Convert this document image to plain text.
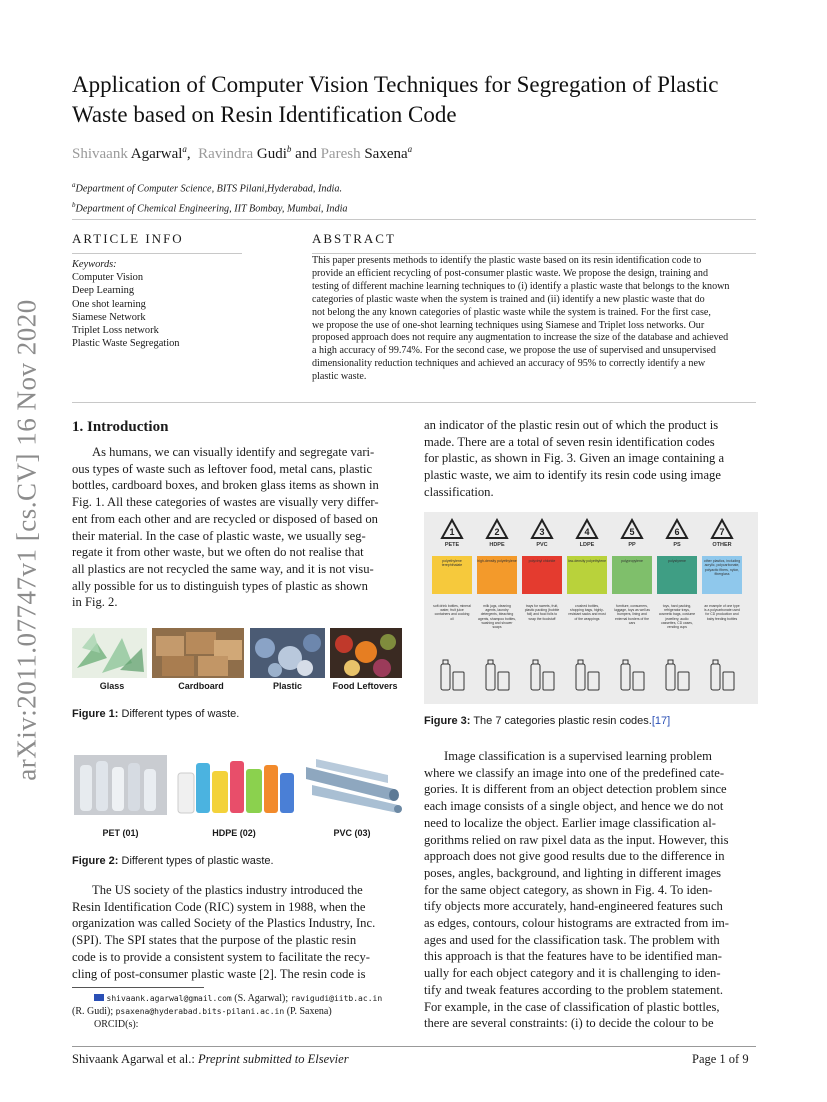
arXiv:2011.07747v1 [cs.CV] 16 Nov 2020
Application of Computer Vision Techniques for Segregation of Plastic
Waste based on Resin Identification Code
Shivaank Agarwal$^a$,  Ravindra Gudi$^b$ and Paresh Saxena$^a$
$^a$Department of Computer Science, BITS Pilani,Hyderabad, India.
$^b$Department of Chemical Engineering, IIT Bombay, Mumbai, India
ARTICLE INFO
Keywords:
Computer Vision
Deep Learning
One shot learning
Siamese Network
Triplet Loss network
Plastic Waste Segregation
ABSTRACT
This paper presents methods to identify the plastic waste based on its resin identification code to
provide an efficient recycling of post-consumer plastic waste. We propose the design, training and
testing of different machine learning techniques to (i) identify a plastic waste that belongs to the known
categories of plastic waste when the system is trained and (ii) identify a new plastic waste that do
not belong the any known categories of plastic waste while the system is trained. For the first case,
we propose the use of one-shot learning techniques using Siamese and Triplet loss networks. Our
proposed approach does not require any augmentation to increase the size of the database and achieved
a high accuracy of 99.74%. For the second case, we propose the use of supervised and unsupervised
dimensionality reduction techniques and achieved an accuracy of 95% to correctly identify a new
plastic waste.
1. Introduction
As humans, we can visually identify and segregate vari-
ous types of waste such as leftover food, metal cans, plastic
bottles, cardboard boxes, and broken glass items as shown in
Fig. 1. All these categories of wastes are visually very differ-
ent from each other and are recycled or disposed of based on
their material. In the case of plastic waste, we usually seg-
regate it from other waste, but we often do not realise that
all plastics are not recycled the same way, and it is not visu-
ally possible for us to distinguish types of plastic as shown
in Fig. 2.
Glass	Cardboard	Plastic	Food Leftovers
Figure 1: Different types of waste.
PET (01)	HDPE (02)	PVC (03)
Figure 2: Different types of plastic waste.
The US society of the plastics industry introduced the
Resin Identification Code (RIC) system in 1988, when the
organization was called Society of the Plastics Industry, Inc.
(SPI). The SPI states that the purpose of the plastic resin
code is to provide a consistent system to facilitate the recy-
cling of post-consumer plastic waste [2]. The resin code is
shivaank.agarwal@gmail.com (S. Agarwal); ravigudi@iitb.ac.in
(R. Gudi); psaxena@hyderabad.bits-pilani.ac.in (P. Saxena)
ORCID(s):
an indicator of the plastic resin out of which the product is
made. There are a total of seven resin identification codes
for plastic, as shown in Fig. 3. Given an image containing a
plastic waste, we aim to identify its resin code using image
classification.
1
PETE
polyethylene terephthalate
soft drink bottles, mineral water, fruit juice containers and cooking oil
2
HDPE
high-density polyethylene
milk jugs, cleaning agents, laundry detergents, bleaching agents, shampoo bottles, washing and shower soaps
3
PVC
polyvinyl chloride
trays for sweets, fruit, plastic packing (bubble foil) and food foils to wrap the foodstuff
4
LDPE
low-density polyethylene
crushed bottles, shopping bags, highly-resistant sacks and most of the wrappings
5
PP
polypropylene
furniture, consumers, luggage, toys as well as bumpers, lining and external borders of the cars
6
PS
polystyrene
toys, hard packing, refrigerator trays, cosmetic bags, costume jewellery, audio cassettes, CD cases, vending cups
7
OTHER
other plastics, including acrylic, polycarbonate, polyactic fibers, nylon, fiberglass
an example of one type is a polycarbonate used for CD production and baby feeding bottles
Figure 3: The 7 categories plastic resin codes.[17]
Image classification is a supervised learning problem
where we classify an image into one of the predefined cate-
gories. It is different from an object detection problem since
each image consists of a single object, and hence we do not
need to localize the object. Earlier image classification al-
gorithms relied on raw pixel data as the input. However, this
approach does not give good results due to the difference in
poses, angles, background, and lighting in different images
for the same object category, as shown in Fig. 4. To iden-
tify objects more accurately, hand-engineered features such
as edges, contours, colour histograms are extracted from im-
ages and used for the classification task. The problem with
this approach is that the features have to be identified man-
ually for each object category and it is challenging to iden-
tify and tweak features according to the problem statement.
For example, in the case of classification of plastic bottles,
there are several constraints: (i) to decide the colour to be
Shivaank Agarwal et al.: Preprint submitted to Elsevier	Page 1 of 9
